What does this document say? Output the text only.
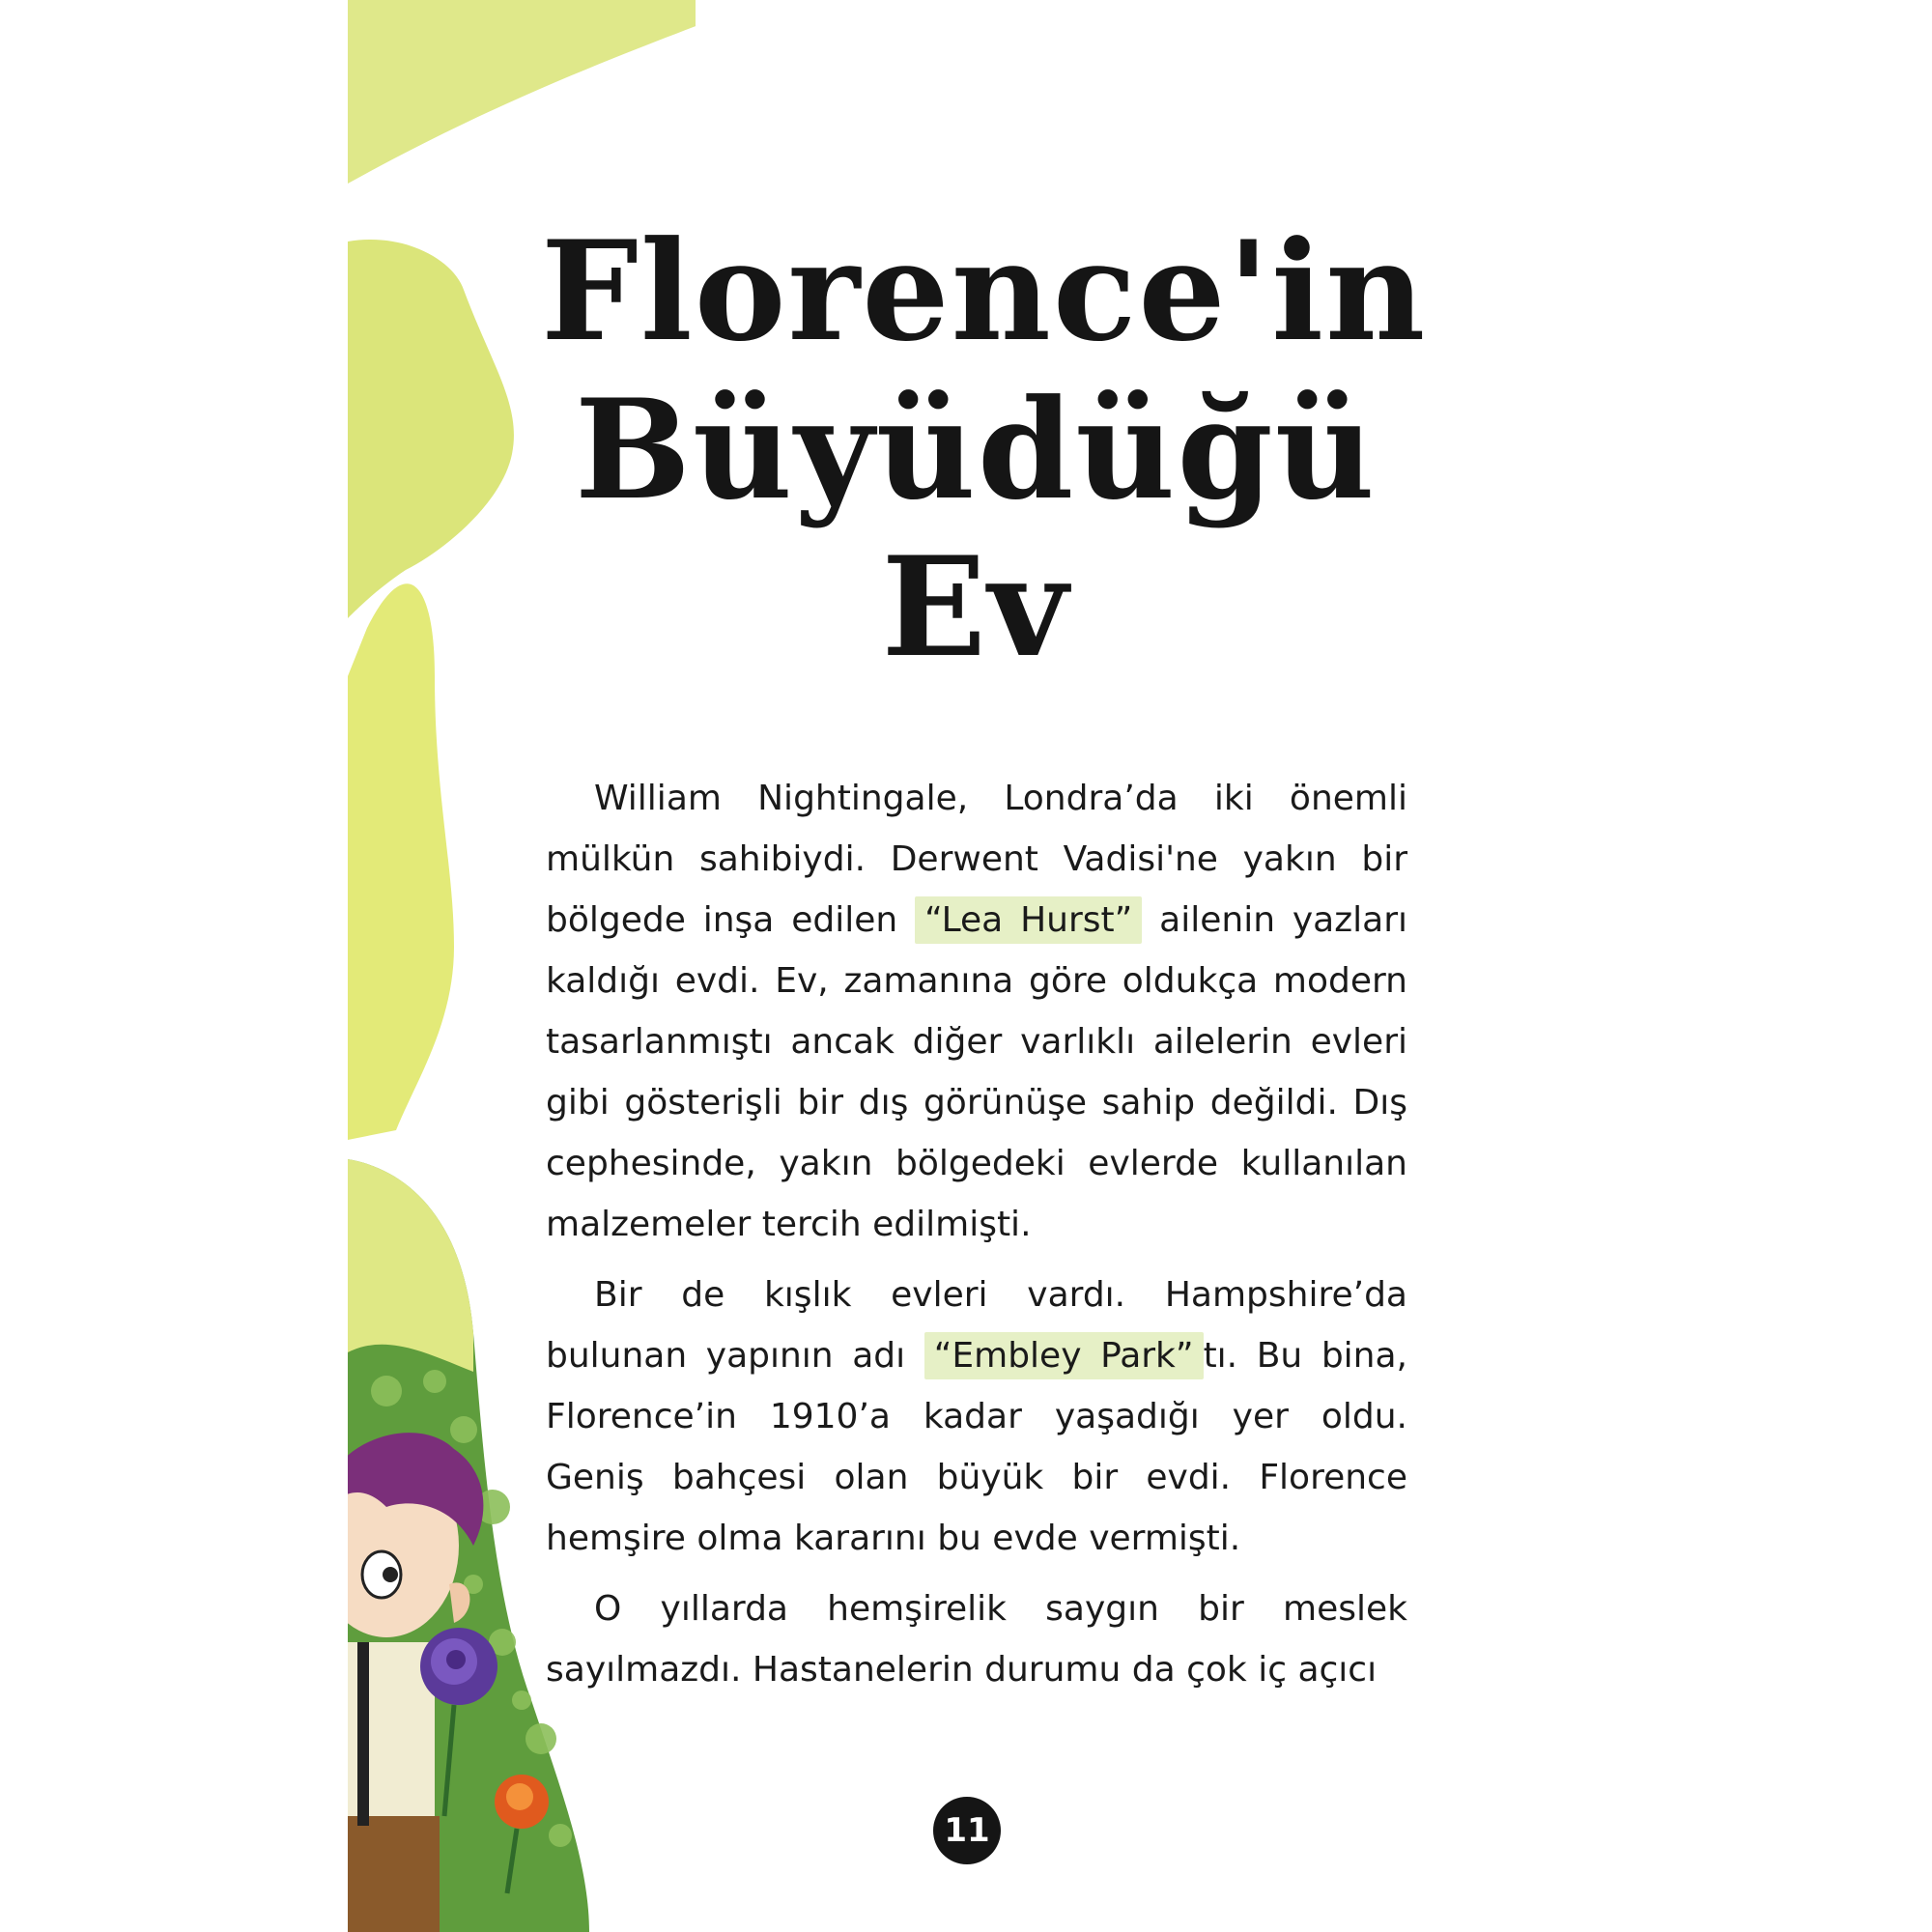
Florence'in
Büyüdüğü Ev

William Nightingale, Londra’da iki önemli mülkün sahibiydi. Derwent Vadisi'ne yakın bir bölgede inşa edilen “Lea Hurst” ailenin yazları kaldığı evdi. Ev, zamanına göre oldukça modern tasarlanmıştı ancak diğer varlıklı ailelerin evleri gibi gösterişli bir dış görünüşe sahip değildi. Dış cephesinde, yakın bölgedeki evlerde kullanılan malzemeler tercih edilmişti.

Bir de kışlık evleri vardı. Hampshire’da bulunan yapının adı “Embley Park” tı. Bu bina, Florence’in 1910’a kadar yaşadığı yer oldu. Geniş bahçesi olan büyük bir evdi. Florence hemşire olma kararını bu evde vermişti.

O yıllarda hemşirelik saygın bir meslek sayılmazdı. Hastanelerin durumu da çok iç açıcı

11
